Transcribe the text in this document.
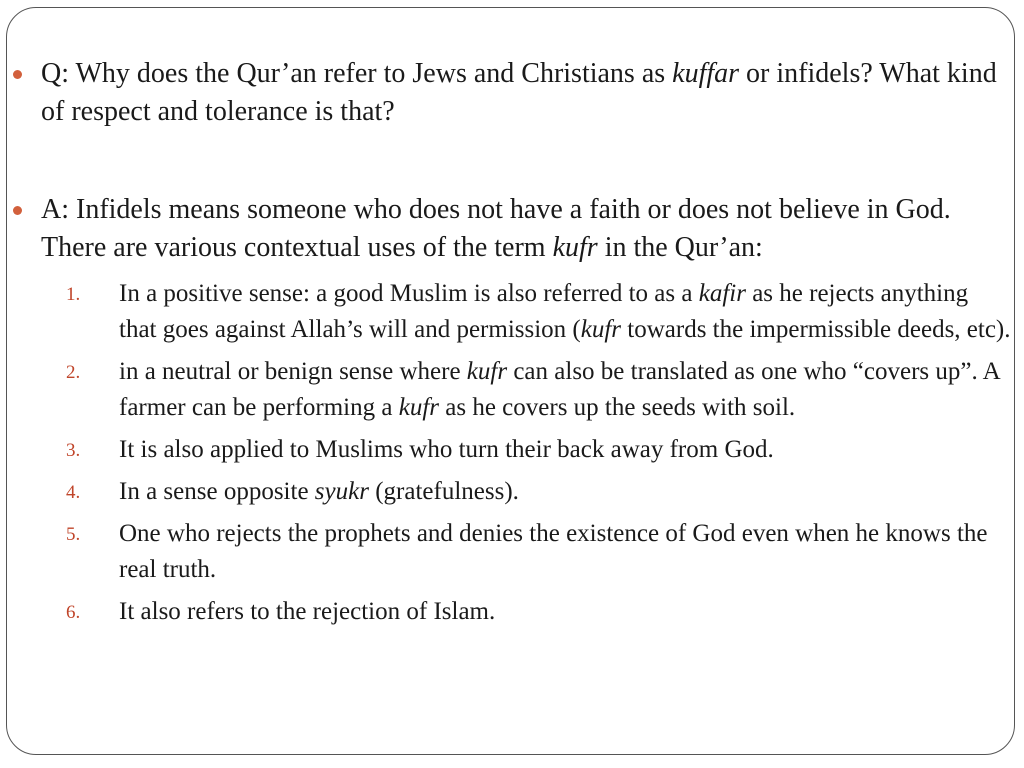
Q: Why does the Qur’an refer to Jews and Christians as kuffar or infidels? What kind of respect and tolerance is that?
A: Infidels means someone who does not have a faith or does not believe in God. There are various contextual uses of the term kufr in the Qur’an:
1. In a positive sense: a good Muslim is also referred to as a kafir as he rejects anything that goes against Allah’s will and permission (kufr towards the impermissible deeds, etc).
2. in a neutral or benign sense where kufr can also be translated as one who “covers up”. A farmer can be performing a kufr as he covers up the seeds with soil.
3. It is also applied to Muslims who turn their back away from God.
4. In a sense opposite syukr (gratefulness).
5. One who rejects the prophets and denies the existence of God even when he knows the real truth.
6. It also refers to the rejection of Islam.
